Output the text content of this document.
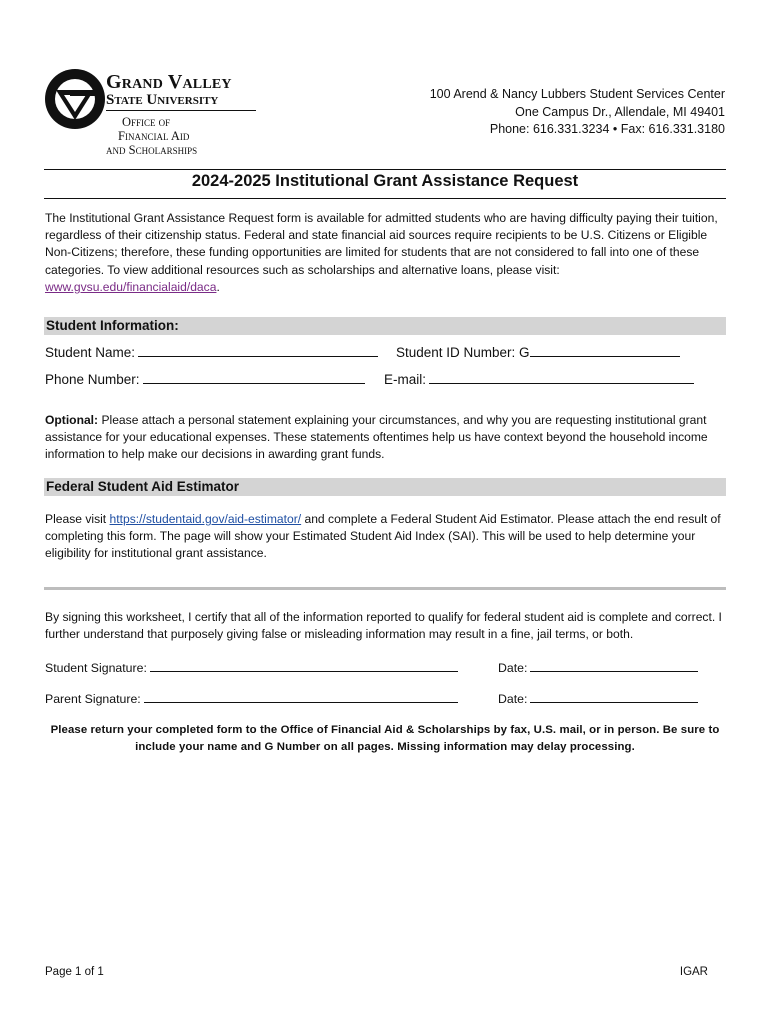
Grand Valley
State University
Office of
Financial Aid
and Scholarships
100 Arend & Nancy Lubbers Student Services Center
One Campus Dr., Allendale, MI 49401
Phone: 616.331.3234 • Fax: 616.331.3180
2024-2025 Institutional Grant Assistance Request
The Institutional Grant Assistance Request form is available for admitted students who are having difficulty paying their tuition, regardless of their citizenship status. Federal and state financial aid sources require recipients to be U.S. Citizens or Eligible Non-Citizens; therefore, these funding opportunities are limited for students that are not considered to fall into one of these categories. To view additional resources such as scholarships and alternative loans, please visit: www.gvsu.edu/financialaid/daca.
Student Information:
Student Name:	Student ID Number: G
Phone Number:	E-mail:
Optional: Please attach a personal statement explaining your circumstances, and why you are requesting institutional grant assistance for your educational expenses. These statements oftentimes help us have context beyond the household income information to help make our decisions in awarding grant funds.
Federal Student Aid Estimator
Please visit https://studentaid.gov/aid-estimator/ and complete a Federal Student Aid Estimator. Please attach the end result of completing this form. The page will show your Estimated Student Aid Index (SAI). This will be used to help determine your eligibility for institutional grant assistance.
By signing this worksheet, I certify that all of the information reported to qualify for federal student aid is complete and correct. I further understand that purposely giving false or misleading information may result in a fine, jail terms, or both.
Student Signature:	Date:
Parent Signature:	Date:
Please return your completed form to the Office of Financial Aid & Scholarships by fax, U.S. mail, or in person. Be sure to include your name and G Number on all pages. Missing information may delay processing.
Page 1 of 1	IGAR
